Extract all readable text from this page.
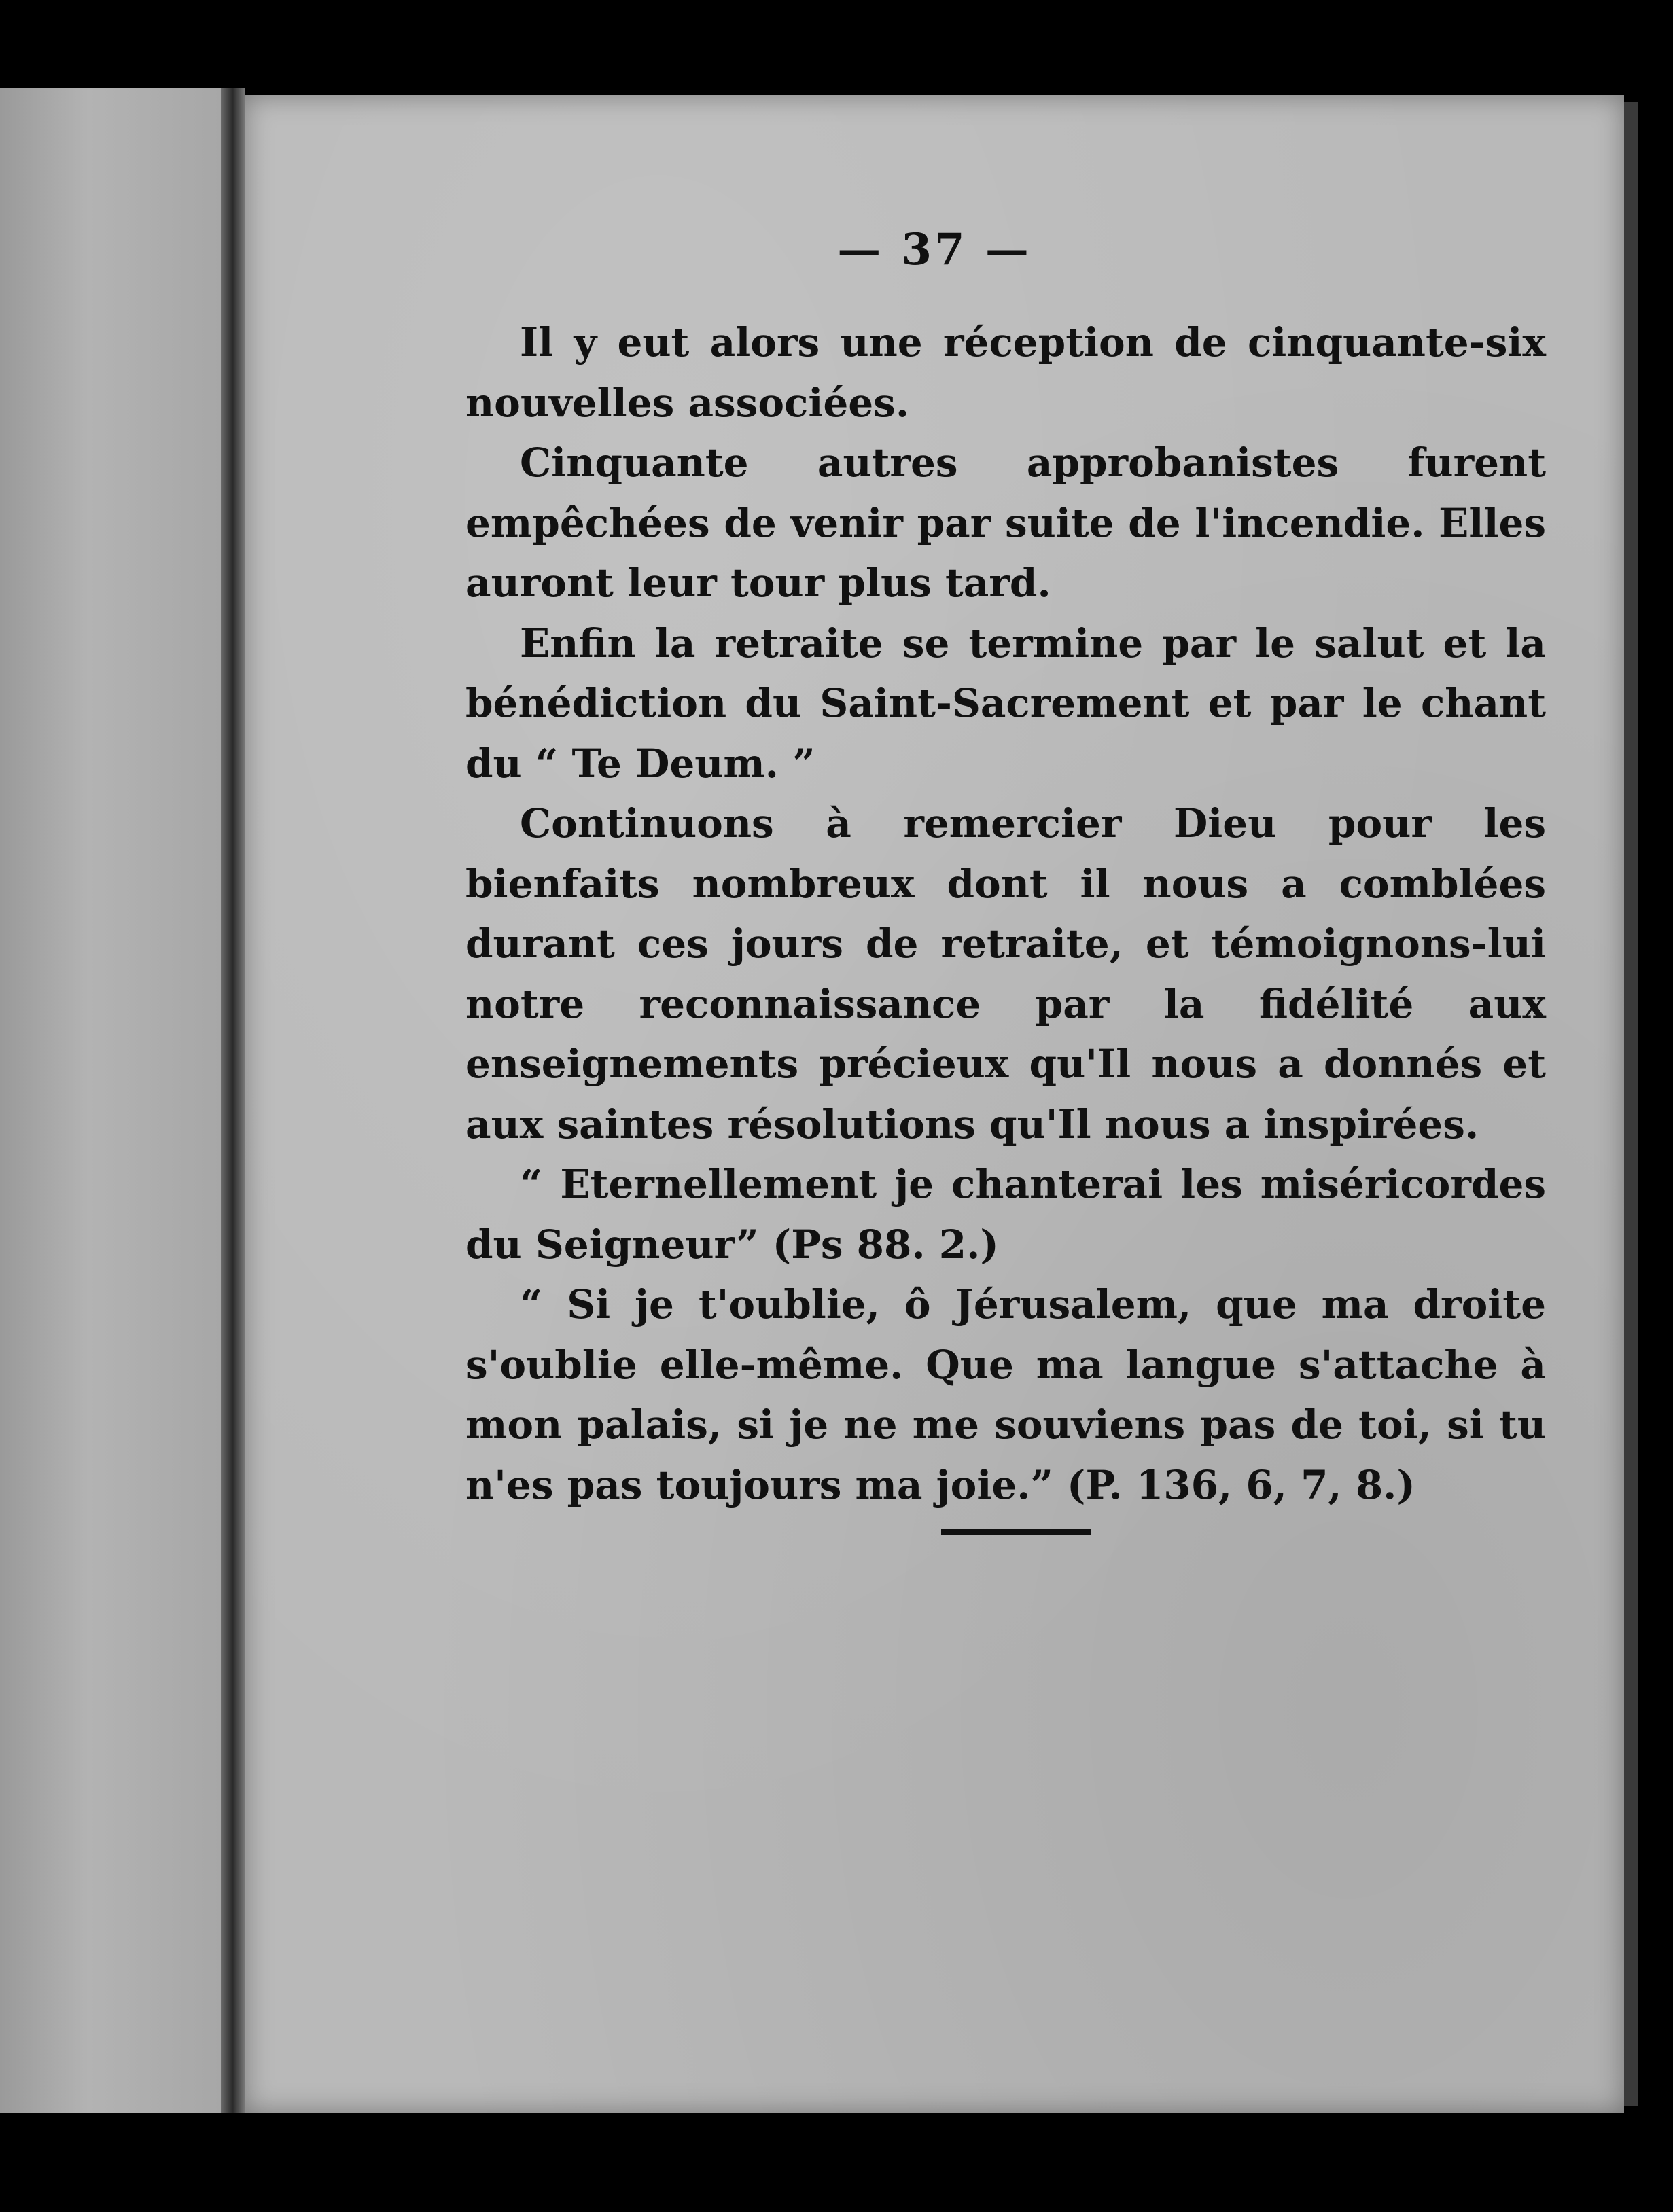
— 37 —

Il y eut alors une réception de cinquante-six nouvelles associées.

Cinquante autres approbanistes furent empêchées de venir par suite de l'incendie. Elles auront leur tour plus tard.

Enfin la retraite se termine par le salut et la bénédiction du Saint-Sacrement et par le chant du “ Te Deum. ”

Continuons à remercier Dieu pour les bienfaits nombreux dont il nous a comblées durant ces jours de retraite, et témoignons-lui notre reconnaissance par la fidélité aux enseignements précieux qu'Il nous a donnés et aux saintes résolutions qu'Il nous a inspirées.

“ Eternellement je chanterai les miséricordes du Seigneur” (Ps 88. 2.)

“ Si je t'oublie, ô Jérusalem, que ma droite s'oublie elle-même. Que ma langue s'attache à mon palais, si je ne me souviens pas de toi, si tu n'es pas toujours ma joie.” (P. 136, 6, 7, 8.)
